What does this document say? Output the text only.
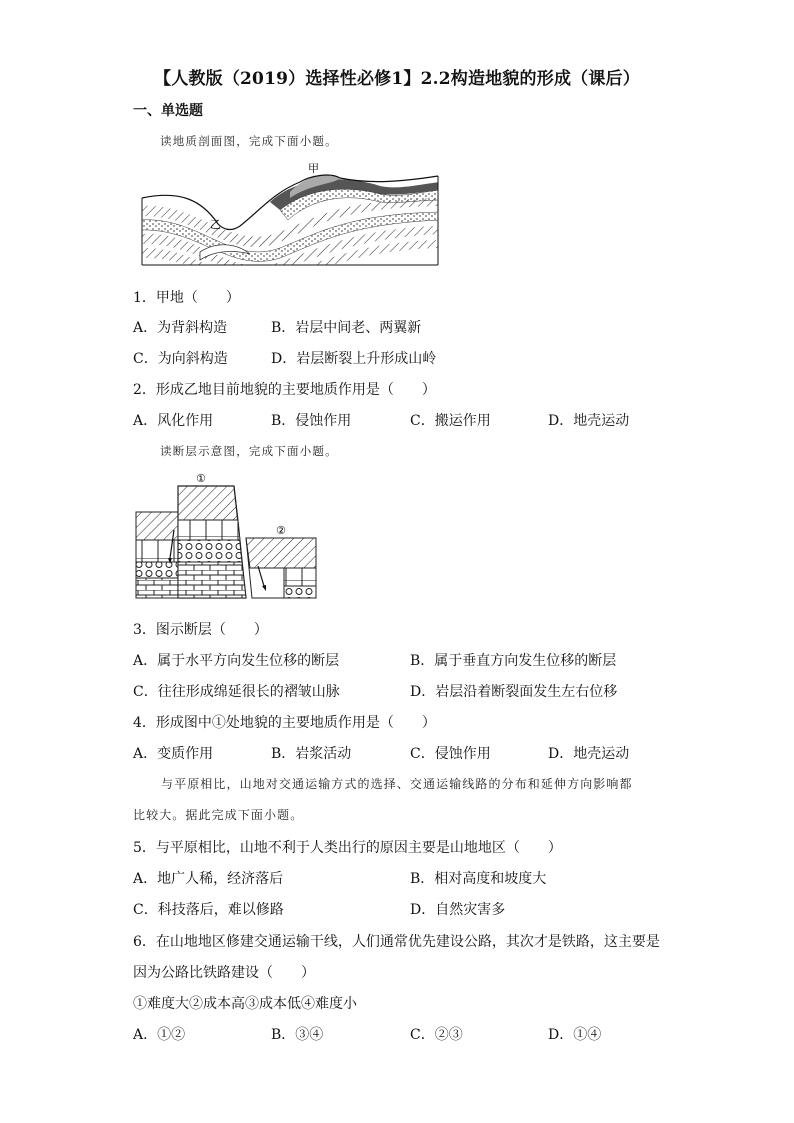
【人教版（2019）选择性必修1】2.2构造地貌的形成（课后）
一、单选题
读地质剖面图，完成下面小题。
甲
乙
1．甲地（　　）
A．为背斜构造	B．岩层中间老、两翼新
C．为向斜构造	D．岩层断裂上升形成山岭
2．形成乙地目前地貌的主要地质作用是（　　）
A．风化作用	B．侵蚀作用	C．搬运作用	D．地壳运动
读断层示意图，完成下面小题。
①
②
3．图示断层（　　）
A．属于水平方向发生位移的断层	B．属于垂直方向发生位移的断层
C．往往形成绵延很长的褶皱山脉	D．岩层沿着断裂面发生左右位移
4．形成图中①处地貌的主要地质作用是（　　）
A．变质作用	B．岩浆活动	C．侵蚀作用	D．地壳运动
与平原相比，山地对交通运输方式的选择、交通运输线路的分布和延伸方向影响都
比较大。据此完成下面小题。
5．与平原相比，山地不利于人类出行的原因主要是山地地区（　　）
A．地广人稀，经济落后	B．相对高度和坡度大
C．科技落后，难以修路	D．自然灾害多
6．在山地地区修建交通运输干线，人们通常优先建设公路，其次才是铁路，这主要是
因为公路比铁路建设（　　）
①难度大②成本高③成本低④难度小
A．①②	B．③④	C．②③	D．①④
